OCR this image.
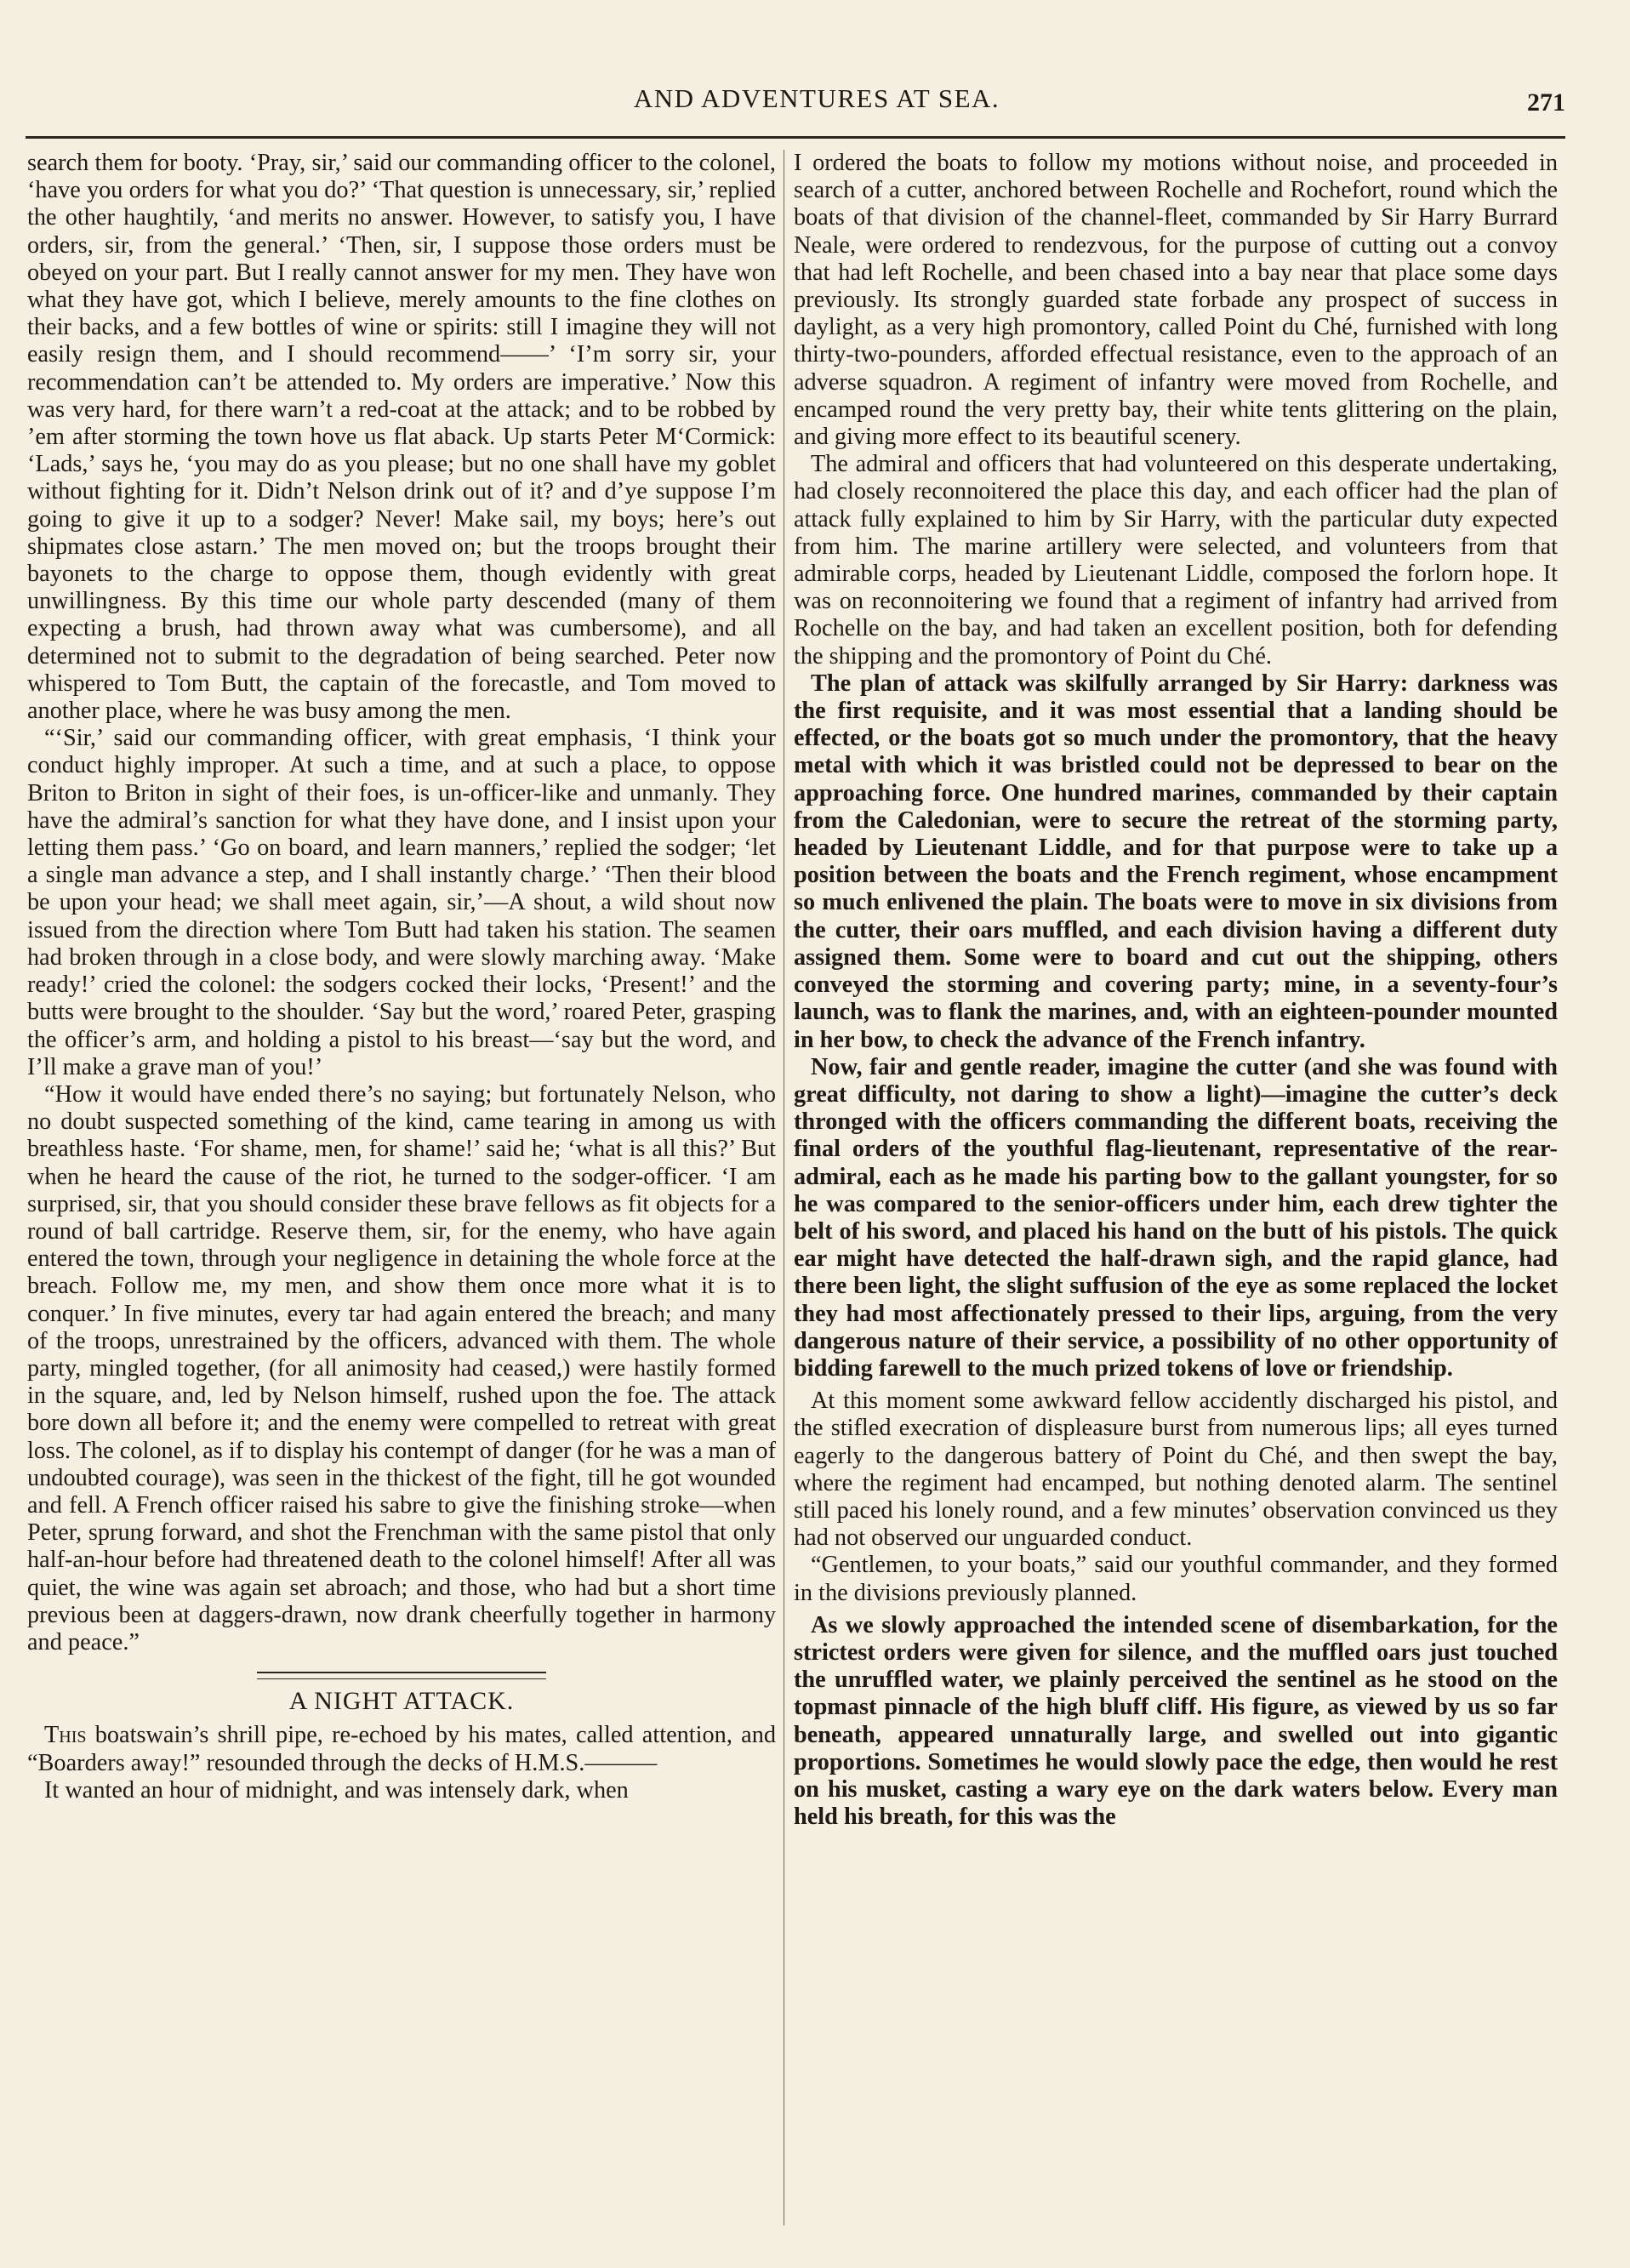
AND ADVENTURES AT SEA.	271

search them for booty. ‘Pray, sir,’ said our commanding officer to the colonel, ‘have you orders for what you do?’ ‘That question is unnecessary, sir,’ replied the other haughtily, ‘and merits no answer. However, to satisfy you, I have orders, sir, from the general.’ ‘Then, sir, I suppose those orders must be obeyed on your part. But I really cannot answer for my men. They have won what they have got, which I believe, merely amounts to the fine clothes on their backs, and a few bottles of wine or spirits: still I imagine they will not easily resign them, and I should recommend——’ ‘I’m sorry sir, your recommendation can’t be attended to. My orders are imperative.’ Now this was very hard, for there warn’t a red-coat at the attack; and to be robbed by ’em after storming the town hove us flat aback. Up starts Peter M‘Cormick: ‘Lads,’ says he, ‘you may do as you please; but no one shall have my goblet without fighting for it. Didn’t Nelson drink out of it? and d’ye suppose I’m going to give it up to a sodger? Never! Make sail, my boys; here’s out shipmates close astarn.’ The men moved on; but the troops brought their bayonets to the charge to oppose them, though evidently with great unwillingness. By this time our whole party descended (many of them expecting a brush, had thrown away what was cumbersome), and all determined not to submit to the degradation of being searched. Peter now whispered to Tom Butt, the captain of the forecastle, and Tom moved to another place, where he was busy among the men.

“‘Sir,’ said our commanding officer, with great emphasis, ‘I think your conduct highly improper. At such a time, and at such a place, to oppose Briton to Briton in sight of their foes, is un-officer-like and unmanly. They have the admiral’s sanction for what they have done, and I insist upon your letting them pass.’ ‘Go on board, and learn manners,’ replied the sodger; ‘let a single man advance a step, and I shall instantly charge.’ ‘Then their blood be upon your head; we shall meet again, sir,’—A shout, a wild shout now issued from the direction where Tom Butt had taken his station. The seamen had broken through in a close body, and were slowly marching away. ‘Make ready!’ cried the colonel: the sodgers cocked their locks, ‘Present!’ and the butts were brought to the shoulder. ‘Say but the word,’ roared Peter, grasping the officer’s arm, and holding a pistol to his breast—‘say but the word, and I’ll make a grave man of you!’

“How it would have ended there’s no saying; but fortunately Nelson, who no doubt suspected something of the kind, came tearing in among us with breathless haste. ‘For shame, men, for shame!’ said he; ‘what is all this?’ But when he heard the cause of the riot, he turned to the sodger-officer. ‘I am surprised, sir, that you should consider these brave fellows as fit objects for a round of ball cartridge. Reserve them, sir, for the enemy, who have again entered the town, through your negligence in detaining the whole force at the breach. Follow me, my men, and show them once more what it is to conquer.’ In five minutes, every tar had again entered the breach; and many of the troops, unrestrained by the officers, advanced with them. The whole party, mingled together, (for all animosity had ceased,) were hastily formed in the square, and, led by Nelson himself, rushed upon the foe. The attack bore down all before it; and the enemy were compelled to retreat with great loss. The colonel, as if to display his contempt of danger (for he was a man of undoubted courage), was seen in the thickest of the fight, till he got wounded and fell. A French officer raised his sabre to give the finishing stroke—when Peter, sprung forward, and shot the Frenchman with the same pistol that only half-an-hour before had threatened death to the colonel himself! After all was quiet, the wine was again set abroach; and those, who had but a short time previous been at daggers-drawn, now drank cheerfully together in harmony and peace.”

A NIGHT ATTACK.

This boatswain’s shrill pipe, re-echoed by his mates, called attention, and “Boarders away!” resounded through the decks of H.M.S.———

It wanted an hour of midnight, and was intensely dark, when

I ordered the boats to follow my motions without noise, and proceeded in search of a cutter, anchored between Rochelle and Rochefort, round which the boats of that division of the channel-fleet, commanded by Sir Harry Burrard Neale, were ordered to rendezvous, for the purpose of cutting out a convoy that had left Rochelle, and been chased into a bay near that place some days previously. Its strongly guarded state forbade any prospect of success in daylight, as a very high promontory, called Point du Ché, furnished with long thirty-two-pounders, afforded effectual resistance, even to the approach of an adverse squadron. A regiment of infantry were moved from Rochelle, and encamped round the very pretty bay, their white tents glittering on the plain, and giving more effect to its beautiful scenery.

The admiral and officers that had volunteered on this desperate undertaking, had closely reconnoitered the place this day, and each officer had the plan of attack fully explained to him by Sir Harry, with the particular duty expected from him. The marine artillery were selected, and volunteers from that admirable corps, headed by Lieutenant Liddle, composed the forlorn hope. It was on reconnoitering we found that a regiment of infantry had arrived from Rochelle on the bay, and had taken an excellent position, both for defending the shipping and the promontory of Point du Ché.

The plan of attack was skilfully arranged by Sir Harry: darkness was the first requisite, and it was most essential that a landing should be effected, or the boats got so much under the promontory, that the heavy metal with which it was bristled could not be depressed to bear on the approaching force. One hundred marines, commanded by their captain from the Caledonian, were to secure the retreat of the storming party, headed by Lieutenant Liddle, and for that purpose were to take up a position between the boats and the French regiment, whose encampment so much enlivened the plain. The boats were to move in six divisions from the cutter, their oars muffled, and each division having a different duty assigned them. Some were to board and cut out the shipping, others conveyed the storming and covering party; mine, in a seventy-four’s launch, was to flank the marines, and, with an eighteen-pounder mounted in her bow, to check the advance of the French infantry.

Now, fair and gentle reader, imagine the cutter (and she was found with great difficulty, not daring to show a light)—imagine the cutter’s deck thronged with the officers commanding the different boats, receiving the final orders of the youthful flag-lieutenant, representative of the rear-admiral, each as he made his parting bow to the gallant youngster, for so he was compared to the senior-officers under him, each drew tighter the belt of his sword, and placed his hand on the butt of his pistols. The quick ear might have detected the half-drawn sigh, and the rapid glance, had there been light, the slight suffusion of the eye as some replaced the locket they had most affectionately pressed to their lips, arguing, from the very dangerous nature of their service, a possibility of no other opportunity of bidding farewell to the much prized tokens of love or friendship.

At this moment some awkward fellow accidently discharged his pistol, and the stifled execration of displeasure burst from numerous lips; all eyes turned eagerly to the dangerous battery of Point du Ché, and then swept the bay, where the regiment had encamped, but nothing denoted alarm. The sentinel still paced his lonely round, and a few minutes’ observation convinced us they had not observed our unguarded conduct.

“Gentlemen, to your boats,” said our youthful commander, and they formed in the divisions previously planned.

As we slowly approached the intended scene of disembarkation, for the strictest orders were given for silence, and the muffled oars just touched the unruffled water, we plainly perceived the sentinel as he stood on the topmast pinnacle of the high bluff cliff. His figure, as viewed by us so far beneath, appeared unnaturally large, and swelled out into gigantic proportions. Sometimes he would slowly pace the edge, then would he rest on his musket, casting a wary eye on the dark waters below. Every man held his breath, for this was the
